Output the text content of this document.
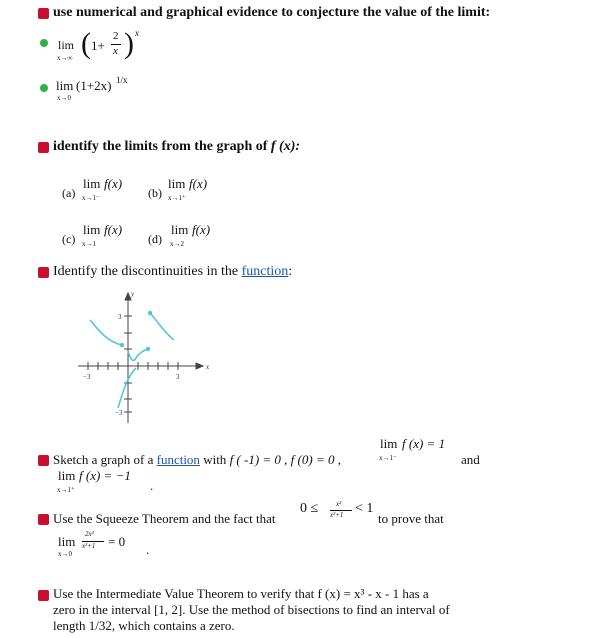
use numerical and graphical evidence to conjecture the value of the limit:
lim
x→∞ ( 1+
2
x ) x
lim
x→0
(1+2x) 1/x
identify the limits from the graph of f (x):
(a)
lim
x→1⁻
f(x)
(b)
lim
x→1⁺
f(x)
(c)
lim
x→1
f(x)
(d)
lim
x→2
f(x)
Identify the discontinuities in the function:
y
x
3
−3
3
−3
Sketch a graph of a function with f ( -1) = 0 , f (0) = 0 ,
lim
x→1⁻
f (x) = 1
and
lim
x→1⁺
f (x) = −1
.
Use the Squeeze Theorem and the fact that
0 ≤	x²
x²+1 < 1
to prove that
lim
x→0
2x³
x²+1 = 0
.
Use the Intermediate Value Theorem to verify that f (x) = x³ - x - 1 has a
zero in the interval [1, 2]. Use the method of bisections to find an interval of
length 1/32, which contains a zero.
